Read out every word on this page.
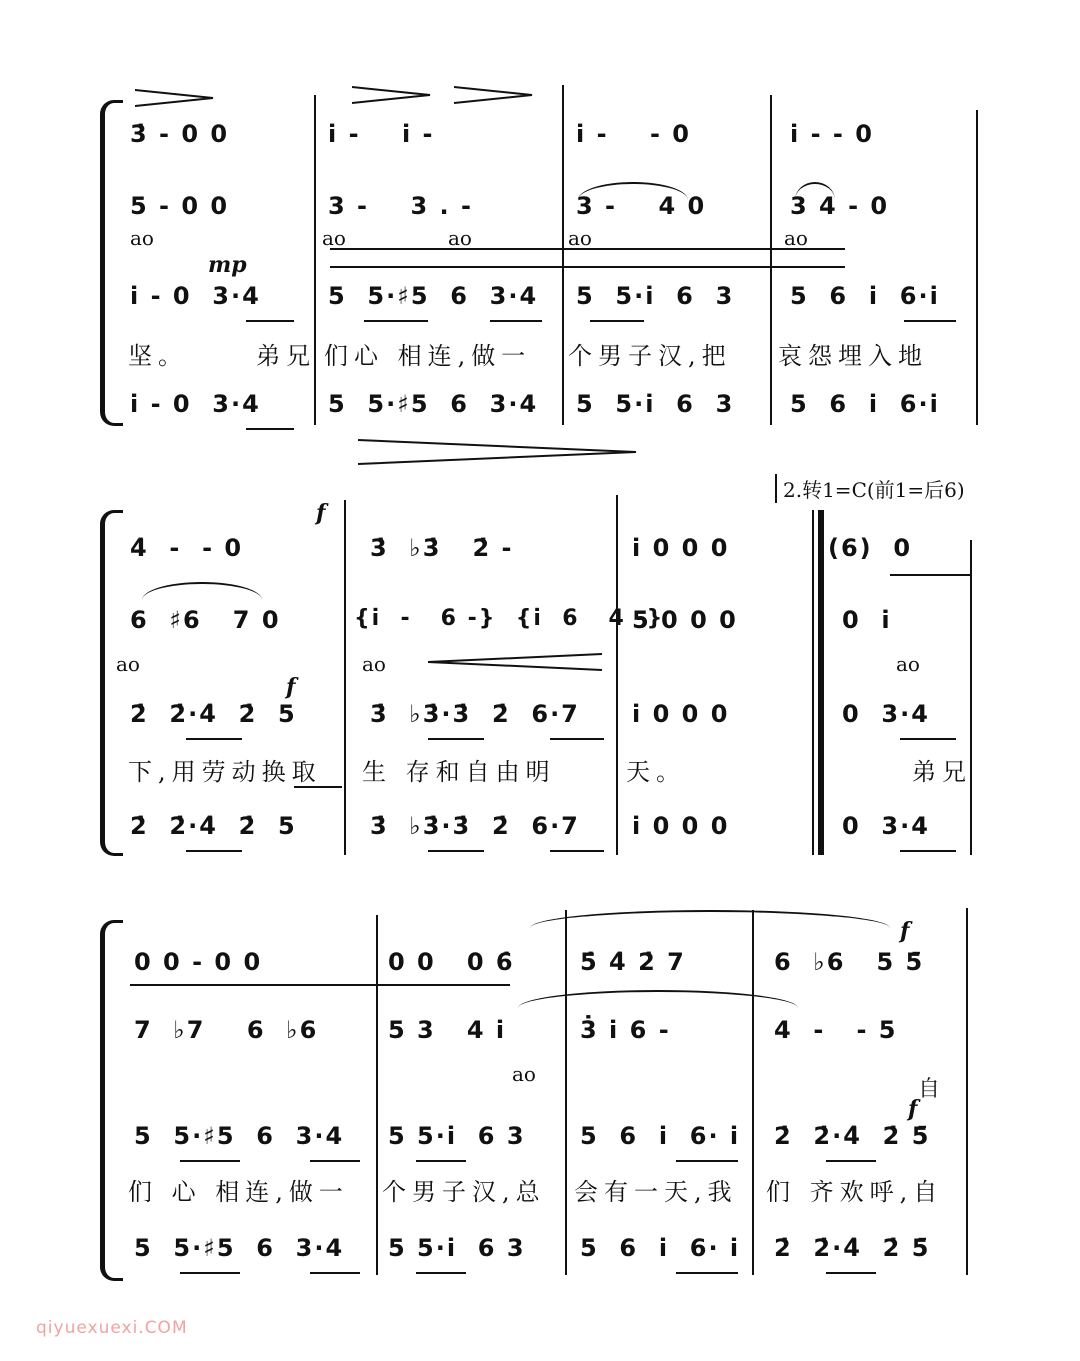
3̇ - 0 0	i̇ -    i̇ -	i̇ -    - 0	i̇ - - 0
5 - 0 0	3 -    3 . -	3 -    4 0	3 4 - 0
ao	ao	ao	ao	ao
mp
i̇ - 0  3·4	5  5·♯5  6  3·4 5  5·i̇  6  3 5  6  i̇  6·i̇
坚。     弟兄 们心 相连,做一 个男子汉,把 哀怨埋入地
i̇ - 0  3·4	5  5·♯5  6  3·4 5  5·i̇  6  3 5  6  i̇  6·i̇
2.转1=C(前1=后6)
f
4̇  -  - 0	3̇  ♭3̇   2̇ -	i̇ 0 0 0	(6)  0
6  ♯6   7 0	{i̇  -   6 -}  {i̇  6   4 -}
5 0 0 0	0  i̇
ao	ao	ao
f
2̇  2̇·4̇  2̇  5	3̇  ♭3̇·3̇  2̇  6·7 i̇ 0 0 0	0  3·4
下,用劳动换取 生 存和自由明	天。	弟兄
2̇  2̇·4̇  2̇  5	3̇  ♭3̇·3̇  2̇  6·7 i̇ 0 0 0	0  3·4
f
0 0 - 0 0	0 0   0 6̇	5̇ 4̇ 2̇ 7	6  ♭6   5 5̄
7  ♭7    6  ♭6	5 3   4 i̇	3̇ i̇ 6 -	4  -   - 5
ao
自
f
5  5·♯5  6  3·4 5 5·i̇  6 3 5  6  i̇  6· i̇ 2̇  2̇·4̇  2̇ 5̄
们 心 相连,做一 个男子汉,总 会有一天,我 们 齐欢呼,自
5  5·♯5  6  3·4 5 5·i̇  6 3 5  6  i̇  6· i̇ 2̇  2̇·4̇  2̇ 5̄
qiyuexuexi.COM
